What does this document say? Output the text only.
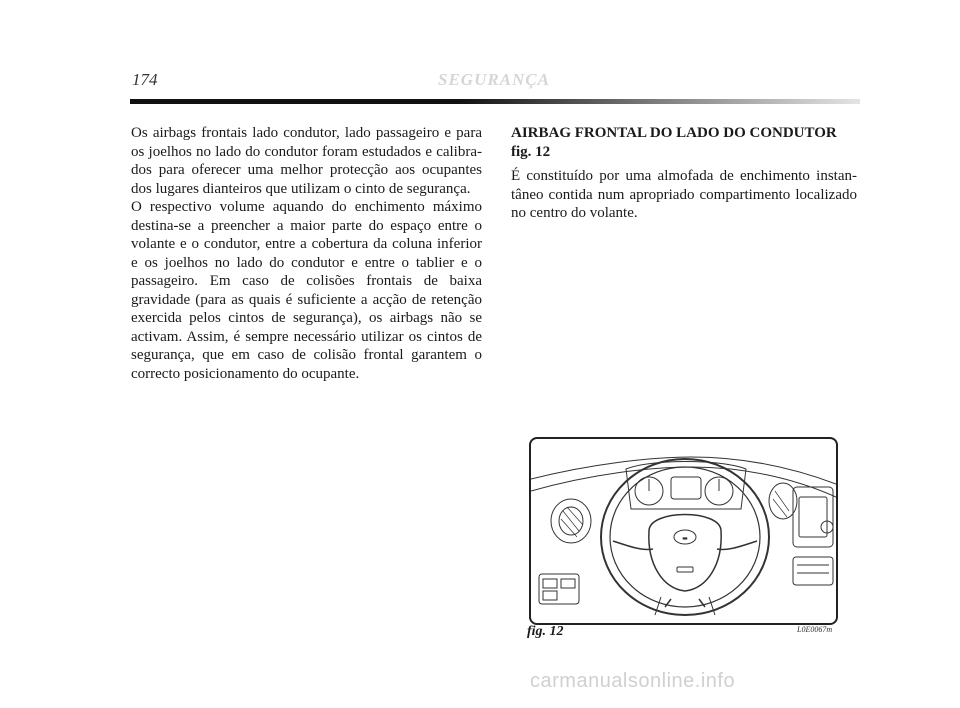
174	SEGURANÇA

Os airbags frontais lado condutor, lado passageiro e para os joelhos no lado do condutor foram estudados e calibrados para oferecer uma melhor protecção aos ocupantes dos lugares dianteiros que utilizam o cinto de segurança.

O respectivo volume aquando do enchimento máximo destina-se a preencher a maior parte do espaço entre o volante e o condutor, entre a cobertura da coluna inferior e os joelhos no lado do condutor e entre o tablier e o passageiro. Em caso de colisões frontais de baixa gravidade (para as quais é suficiente a acção de retenção exercida pelos cintos de segurança), os airbags não se activam. Assim, é sempre necessário utilizar os cintos de segurança, que em caso de colisão frontal garantem o correcto posicionamento do ocupante.

AIRBAG FRONTAL DO LADO DO CONDUTOR
fig. 12

É constituído por uma almofada de enchimento instantâneo contida num apropriado compartimento localizado no centro do volante.

▬
fig. 12	L0E0067m
carmanualsonline.info
